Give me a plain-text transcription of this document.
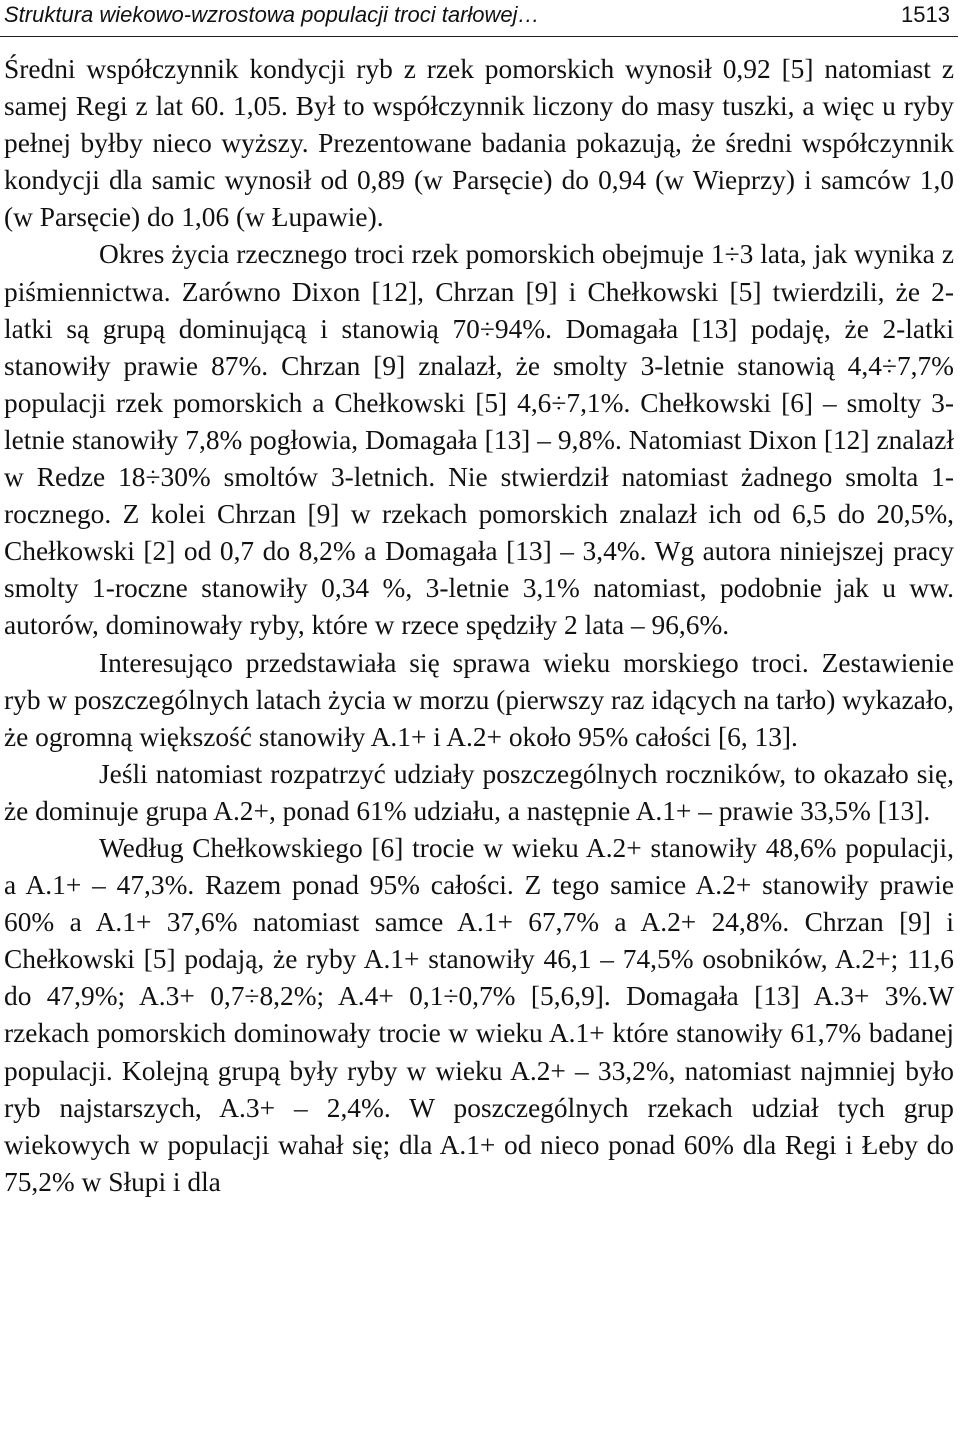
Struktura wiekowo-wzrostowa populacji troci tarłowej…	1513

Średni współczynnik kondycji ryb z rzek pomorskich wynosił 0,92 [5] natomiast z samej Regi z lat 60. 1,05. Był to współczynnik liczony do masy tuszki, a więc u ryby pełnej byłby nieco wyższy. Prezentowane badania pokazują, że średni współczynnik kondycji dla samic wynosił od 0,89 (w Parsęcie) do 0,94 (w Wieprzy) i samców 1,0 (w Parsęcie) do 1,06 (w Łupawie).

Okres życia rzecznego troci rzek pomorskich obejmuje 1÷3 lata, jak wynika z piśmiennictwa. Zarówno Dixon [12], Chrzan [9] i Chełkowski [5] twierdzili, że 2-latki są grupą dominującą i stanowią 70÷94%. Domagała [13] podaję, że 2-latki stanowiły prawie 87%. Chrzan [9] znalazł, że smolty 3-letnie stanowią 4,4÷7,7% populacji rzek pomorskich a Chełkowski [5] 4,6÷7,1%. Chełkowski [6] – smolty 3-letnie stanowiły 7,8% pogłowia, Domagała [13] – 9,8%. Natomiast Dixon [12] znalazł w Redze 18÷30% smoltów 3-letnich. Nie stwierdził natomiast żadnego smolta 1-rocznego. Z kolei Chrzan [9] w rzekach pomorskich znalazł ich od 6,5 do 20,5%, Chełkowski [2] od 0,7 do 8,2% a Domagała [13] – 3,4%. Wg autora niniejszej pracy smolty 1-roczne stanowiły 0,34 %, 3-letnie 3,1% natomiast, podobnie jak u ww. autorów, dominowały ryby, które w rzece spędziły 2 lata – 96,6%.

Interesująco przedstawiała się sprawa wieku morskiego troci. Zestawienie ryb w poszczególnych latach życia w morzu (pierwszy raz idących na tarło) wykazało, że ogromną większość stanowiły A.1+ i A.2+ około 95% całości [6, 13].

Jeśli natomiast rozpatrzyć udziały poszczególnych roczników, to okazało się, że dominuje grupa A.2+, ponad 61% udziału, a następnie A.1+ – prawie 33,5% [13].

Według Chełkowskiego [6] trocie w wieku A.2+ stanowiły 48,6% populacji, a A.1+ – 47,3%. Razem ponad 95% całości. Z tego samice A.2+ stanowiły prawie 60% a A.1+ 37,6% natomiast samce A.1+ 67,7% a A.2+ 24,8%. Chrzan [9] i Chełkowski [5] podają, że ryby A.1+ stanowiły 46,1 – 74,5% osobników, A.2+; 11,6 do 47,9%; A.3+ 0,7÷8,2%; A.4+ 0,1÷0,7% [5,6,9]. Domagała [13] A.3+ 3%.W rzekach pomorskich dominowały trocie w wieku A.1+ które stanowiły 61,7% badanej populacji. Kolejną grupą były ryby w wieku A.2+ – 33,2%, natomiast najmniej było ryb najstarszych, A.3+ – 2,4%. W poszczególnych rzekach udział tych grup wiekowych w populacji wahał się; dla A.1+ od nieco ponad 60% dla Regi i Łeby do 75,2% w Słupi i dla
